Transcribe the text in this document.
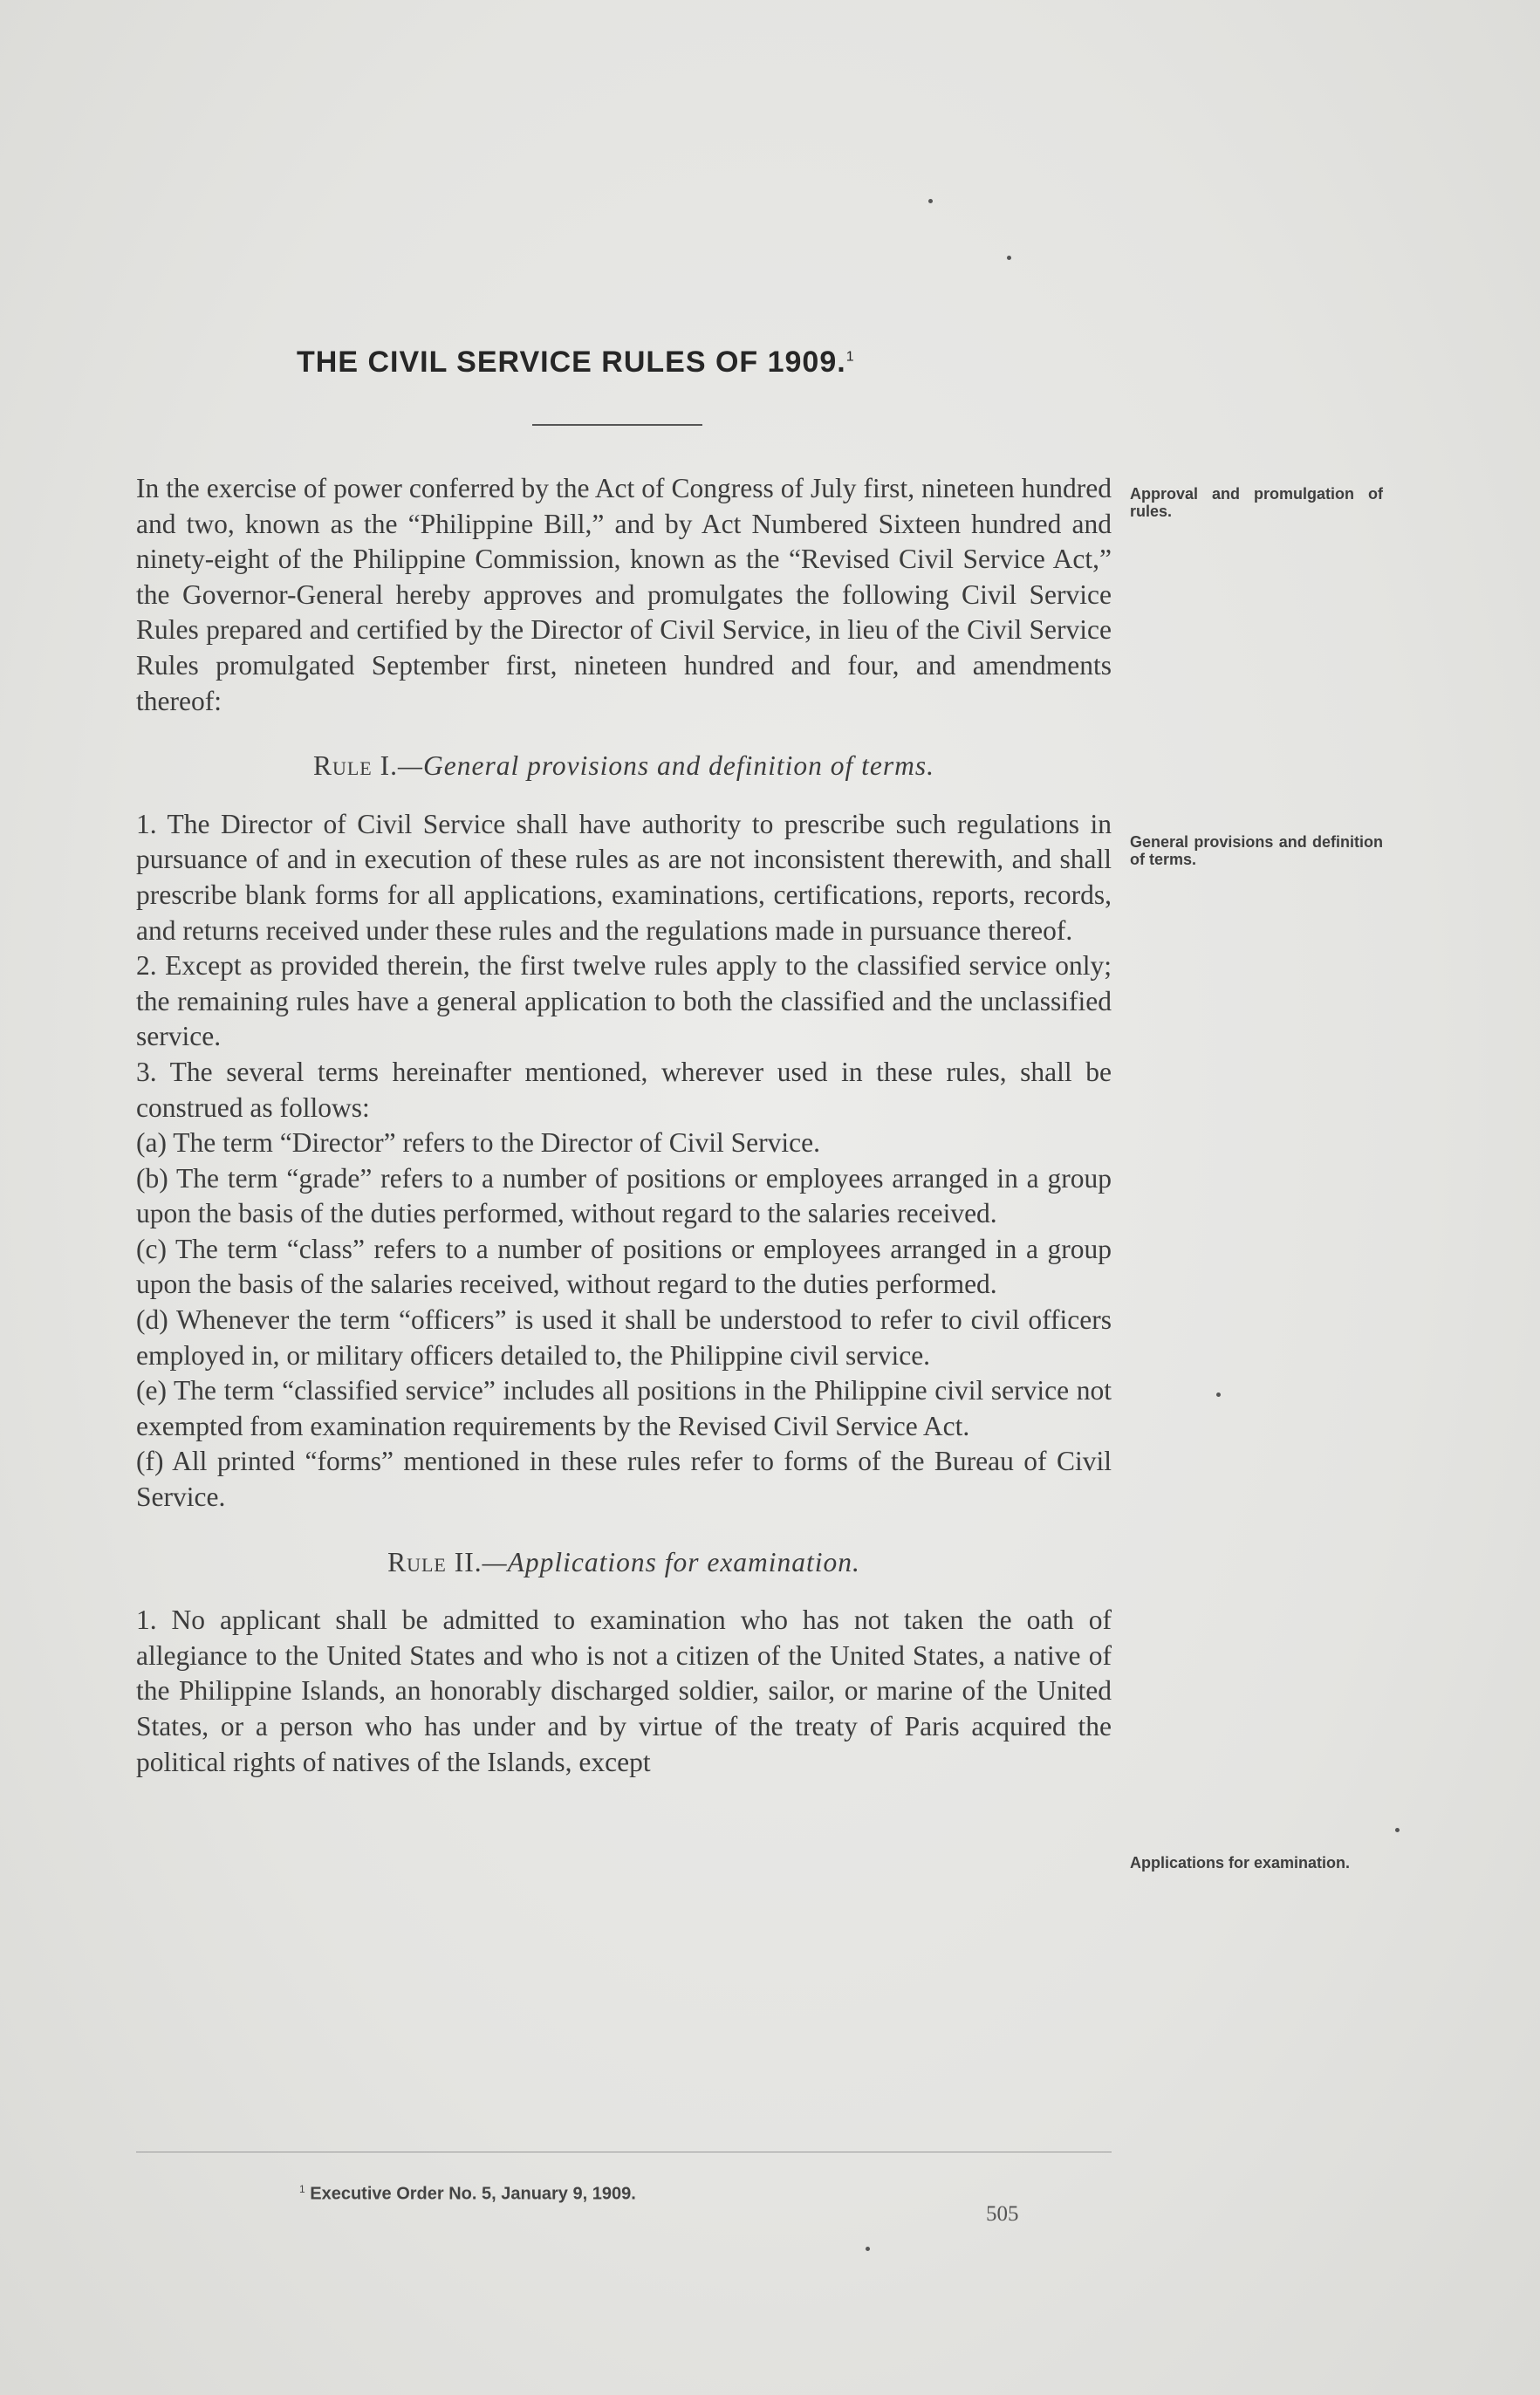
THE CIVIL SERVICE RULES OF 1909.$^1$
Approval and promulgation of rules.
General provisions and definition of terms.
Applications for examination.

In the exercise of power conferred by the Act of Congress of July first, nineteen hundred and two, known as the “Philippine Bill,” and by Act Numbered Sixteen hundred and ninety-eight of the Philippine Commission, known as the “Revised Civil Service Act,” the Governor-General hereby approves and promulgates the following Civil Service Rules prepared and certified by the Director of Civil Service, in lieu of the Civil Service Rules promulgated September first, nineteen hundred and four, and amendments thereof:

Rule I.—General provisions and definition of terms.

1. The Director of Civil Service shall have authority to prescribe such regulations in pursuance of and in execution of these rules as are not inconsistent therewith, and shall prescribe blank forms for all applications, examinations, certifications, reports, records, and returns received under these rules and the regulations made in pursuance thereof.

2. Except as provided therein, the first twelve rules apply to the classified service only; the remaining rules have a general application to both the classified and the unclassified service.

3. The several terms hereinafter mentioned, wherever used in these rules, shall be construed as follows:

(a) The term “Director” refers to the Director of Civil Service.

(b) The term “grade” refers to a number of positions or employees arranged in a group upon the basis of the duties performed, without regard to the salaries received.

(c) The term “class” refers to a number of positions or employees arranged in a group upon the basis of the salaries received, without regard to the duties performed.

(d) Whenever the term “officers” is used it shall be understood to refer to civil officers employed in, or military officers detailed to, the Philippine civil service.

(e) The term “classified service” includes all positions in the Philippine civil service not exempted from examination requirements by the Revised Civil Service Act.

(f) All printed “forms” mentioned in these rules refer to forms of the Bureau of Civil Service.

Rule II.—Applications for examination.

1. No applicant shall be admitted to examination who has not taken the oath of allegiance to the United States and who is not a citizen of the United States, a native of the Philippine Islands, an honorably discharged soldier, sailor, or marine of the United States, or a person who has under and by virtue of the treaty of Paris acquired the political rights of natives of the Islands, except

$^1$ Executive Order No. 5, January 9, 1909.
505
